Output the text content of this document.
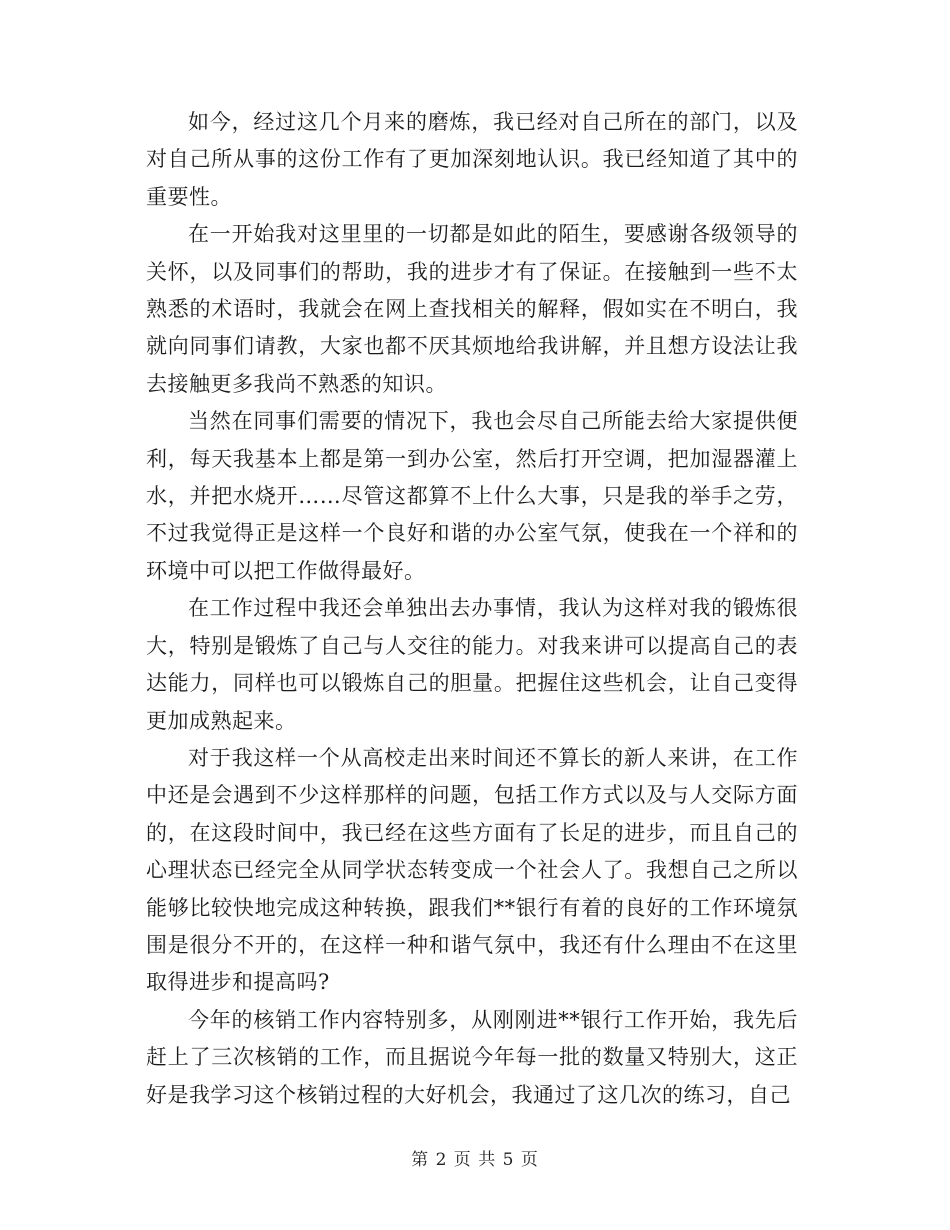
如今，经过这几个月来的磨炼，我已经对自己所在的部门，以及对自己所从事的这份工作有了更加深刻地认识。我已经知道了其中的重要性。

在一开始我对这里里的一切都是如此的陌生，要感谢各级领导的关怀，以及同事们的帮助，我的进步才有了保证。在接触到一些不太熟悉的术语时，我就会在网上查找相关的解释，假如实在不明白，我就向同事们请教，大家也都不厌其烦地给我讲解，并且想方设法让我去接触更多我尚不熟悉的知识。

当然在同事们需要的情况下，我也会尽自己所能去给大家提供便利，每天我基本上都是第一到办公室，然后打开空调，把加湿器灌上水，并把水烧开……尽管这都算不上什么大事，只是我的举手之劳，不过我觉得正是这样一个良好和谐的办公室气氛，使我在一个祥和的环境中可以把工作做得最好。

在工作过程中我还会单独出去办事情，我认为这样对我的锻炼很大，特别是锻炼了自己与人交往的能力。对我来讲可以提高自己的表达能力，同样也可以锻炼自己的胆量。把握住这些机会，让自己变得更加成熟起来。

对于我这样一个从高校走出来时间还不算长的新人来讲，在工作中还是会遇到不少这样那样的问题，包括工作方式以及与人交际方面的，在这段时间中，我已经在这些方面有了长足的进步，而且自己的心理状态已经完全从同学状态转变成一个社会人了。我想自己之所以能够比较快地完成这种转换，跟我们**银行有着的良好的工作环境氛围是很分不开的，在这样一种和谐气氛中，我还有什么理由不在这里取得进步和提高吗?

今年的核销工作内容特别多，从刚刚进**银行工作开始，我先后赶上了三次核销的工作，而且据说今年每一批的数量又特别大，这正好是我学习这个核销过程的大好机会，我通过了这几次的练习，自己

第 2 页 共 5 页
